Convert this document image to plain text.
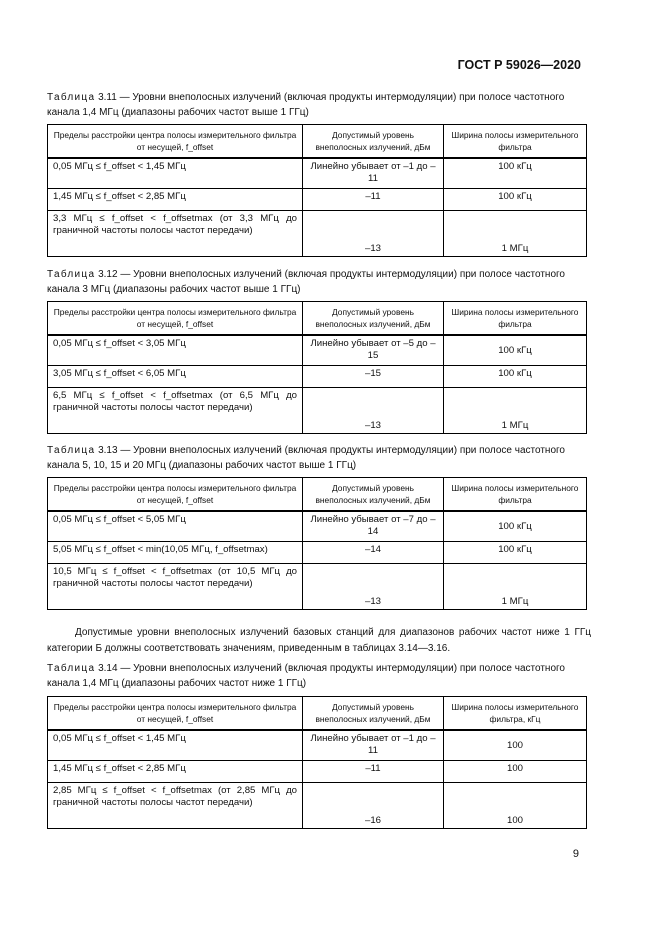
ГОСТ Р 59026—2020
Таблица 3.11 — Уровни внеполосных излучений (включая продукты интермодуляции) при полосе частотного канала 1,4 МГц (диапазоны рабочих частот выше 1 ГГц)
Пределы расстройки центра полосы измерительного фильтра от несущей, f_offset	Допустимый уровень внеполосных излучений, дБм	Ширина полосы измерительного фильтра
0,05 МГц ≤ f_offset < 1,45 МГц	Линейно убывает от –1 до –11	100 кГц
1,45 МГц ≤ f_offset < 2,85 МГц	–11	100 кГц
3,3 МГц ≤ f_offset < f_offsetmax (от 3,3 МГц до граничной частоты полосы частот передачи)	–13	1 МГц
Таблица 3.12 — Уровни внеполосных излучений (включая продукты интермодуляции) при полосе частотного канала 3 МГц (диапазоны рабочих частот выше 1 ГГц)
Пределы расстройки центра полосы измерительного фильтра от несущей, f_offset	Допустимый уровень внеполосных излучений, дБм	Ширина полосы измерительного фильтра
0,05 МГц ≤ f_offset < 3,05 МГц	Линейно убывает от –5 до –15	100 кГц
3,05 МГц ≤ f_offset < 6,05 МГц	–15	100 кГц
6,5 МГц ≤ f_offset < f_offsetmax (от 6,5 МГц до граничной частоты полосы частот передачи)	–13	1 МГц
Таблица 3.13 — Уровни внеполосных излучений (включая продукты интермодуляции) при полосе частотного канала 5, 10, 15 и 20 МГц (диапазоны рабочих частот выше 1 ГГц)
Пределы расстройки центра полосы измерительного фильтра от несущей, f_offset	Допустимый уровень внеполосных излучений, дБм	Ширина полосы измерительного фильтра
0,05 МГц ≤ f_offset < 5,05 МГц	Линейно убывает от –7 до –14	100 кГц
5,05 МГц ≤ f_offset < min(10,05 МГц, f_offsetmax)	–14	100 кГц
10,5 МГц ≤ f_offset < f_offsetmax (от 10,5 МГц до граничной частоты полосы частот передачи)	–13	1 МГц
Допустимые уровни внеполосных излучений базовых станций для диапазонов рабочих частот ниже 1 ГГц категории Б должны соответствовать значениям, приведенным в таблицах 3.14—3.16.
Таблица 3.14 — Уровни внеполосных излучений (включая продукты интермодуляции) при полосе частотного канала 1,4 МГц (диапазоны рабочих частот ниже 1 ГГц)
Пределы расстройки центра полосы измерительного фильтра от несущей, f_offset	Допустимый уровень внеполосных излучений, дБм	Ширина полосы измерительного фильтра, кГц
0,05 МГц ≤ f_offset < 1,45 МГц	Линейно убывает от –1 до –11	100
1,45 МГц ≤ f_offset < 2,85 МГц	–11	100
2,85 МГц ≤ f_offset < f_offsetmax (от 2,85 МГц до граничной частоты полосы частот передачи)	–16	100
9
